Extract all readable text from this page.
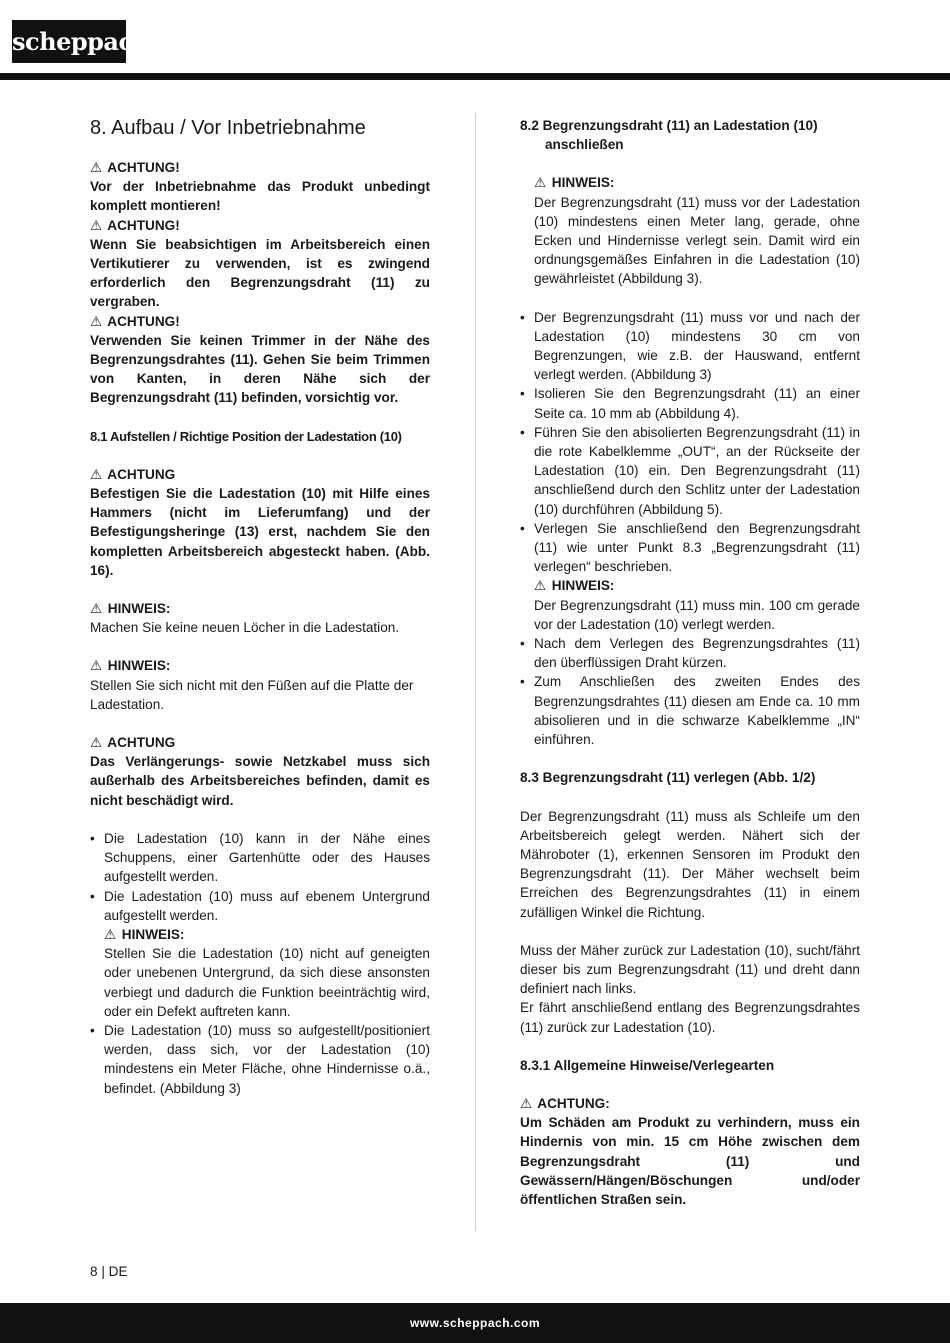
scheppach
8. Aufbau / Vor Inbetriebnahme
⚠ ACHTUNG!
Vor der Inbetriebnahme das Produkt unbedingt komplett montieren!
⚠ ACHTUNG!
Wenn Sie beabsichtigen im Arbeitsbereich einen Vertikutierer zu verwenden, ist es zwingend erforderlich den Begrenzungsdraht (11) zu vergraben.
⚠ ACHTUNG!
Verwenden Sie keinen Trimmer in der Nähe des Begrenzungsdrahtes (11). Gehen Sie beim Trimmen von Kanten, in deren Nähe sich der Begrenzungsdraht (11) befinden, vorsichtig vor.
8.1 Aufstellen / Richtige Position der Ladestation (10)
⚠ ACHTUNG
Befestigen Sie die Ladestation (10) mit Hilfe eines Hammers (nicht im Lieferumfang) und der Befestigungsheringe (13) erst, nachdem Sie den kompletten Arbeitsbereich abgesteckt haben. (Abb. 16).
⚠ HINWEIS:
Machen Sie keine neuen Löcher in die Ladestation.
⚠ HINWEIS:
Stellen Sie sich nicht mit den Füßen auf die Platte der Ladestation.
⚠ ACHTUNG
Das Verlängerungs- sowie Netzkabel muss sich außerhalb des Arbeitsbereiches befinden, damit es nicht beschädigt wird.
• Die Ladestation (10) kann in der Nähe eines Schuppens, einer Gartenhütte oder des Hauses aufgestellt werden.
• Die Ladestation (10) muss auf ebenem Untergrund aufgestellt werden.
⚠ HINWEIS:
Stellen Sie die Ladestation (10) nicht auf geneigten oder unebenen Untergrund, da sich diese ansonsten verbiegt und dadurch die Funktion beeinträchtig wird, oder ein Defekt auftreten kann.
• Die Ladestation (10) muss so aufgestellt/positioniert werden, dass sich, vor der Ladestation (10) mindestens ein Meter Fläche, ohne Hindernisse o.ä., befindet. (Abbildung 3)
8.2 Begrenzungsdraht (11) an Ladestation (10)
anschließen
⚠ HINWEIS:
Der Begrenzungsdraht (11) muss vor der Ladestation (10) mindestens einen Meter lang, gerade, ohne Ecken und Hindernisse verlegt sein. Damit wird ein ordnungsgemäßes Einfahren in die Ladestation (10) gewährleistet (Abbildung 3).
• Der Begrenzungsdraht (11) muss vor und nach der Ladestation (10) mindestens 30 cm von Begrenzungen, wie z.B. der Hauswand, entfernt verlegt werden. (Abbildung 3)
• Isolieren Sie den Begrenzungsdraht (11) an einer Seite ca. 10 mm ab (Abbildung 4).
• Führen Sie den abisolierten Begrenzungsdraht (11) in die rote Kabelklemme „OUT“, an der Rückseite der Ladestation (10) ein. Den Begrenzungsdraht (11) anschließend durch den Schlitz unter der Ladestation (10) durchführen (Abbildung 5).
• Verlegen Sie anschließend den Begrenzungsdraht (11) wie unter Punkt 8.3 „Begrenzungsdraht (11) verlegen“ beschrieben.
⚠ HINWEIS:
Der Begrenzungsdraht (11) muss min. 100 cm gerade vor der Ladestation (10) verlegt werden.
• Nach dem Verlegen des Begrenzungsdrahtes (11) den überflüssigen Draht kürzen.
• Zum Anschließen des zweiten Endes des Begrenzungsdrahtes (11) diesen am Ende ca. 10 mm abisolieren und in die schwarze Kabelklemme „IN“ einführen.
8.3 Begrenzungsdraht (11) verlegen (Abb. 1/2)
Der Begrenzungsdraht (11) muss als Schleife um den Arbeitsbereich gelegt werden. Nähert sich der Mähroboter (1), erkennen Sensoren im Produkt den Begrenzungsdraht (11). Der Mäher wechselt beim Erreichen des Begrenzungsdrahtes (11) in einem zufälligen Winkel die Richtung.
Muss der Mäher zurück zur Ladestation (10), sucht/fährt dieser bis zum Begrenzungsdraht (11) und dreht dann definiert nach links.
Er fährt anschließend entlang des Begrenzungsdrahtes (11) zurück zur Ladestation (10).
8.3.1 Allgemeine Hinweise/Verlegearten
⚠ ACHTUNG:
Um Schäden am Produkt zu verhindern, muss ein Hindernis von min. 15 cm Höhe zwischen dem Begrenzungsdraht (11) und Gewässern/Hängen/Böschungen und/oder öffentlichen Straßen sein.
8 | DE
www.scheppach.com
